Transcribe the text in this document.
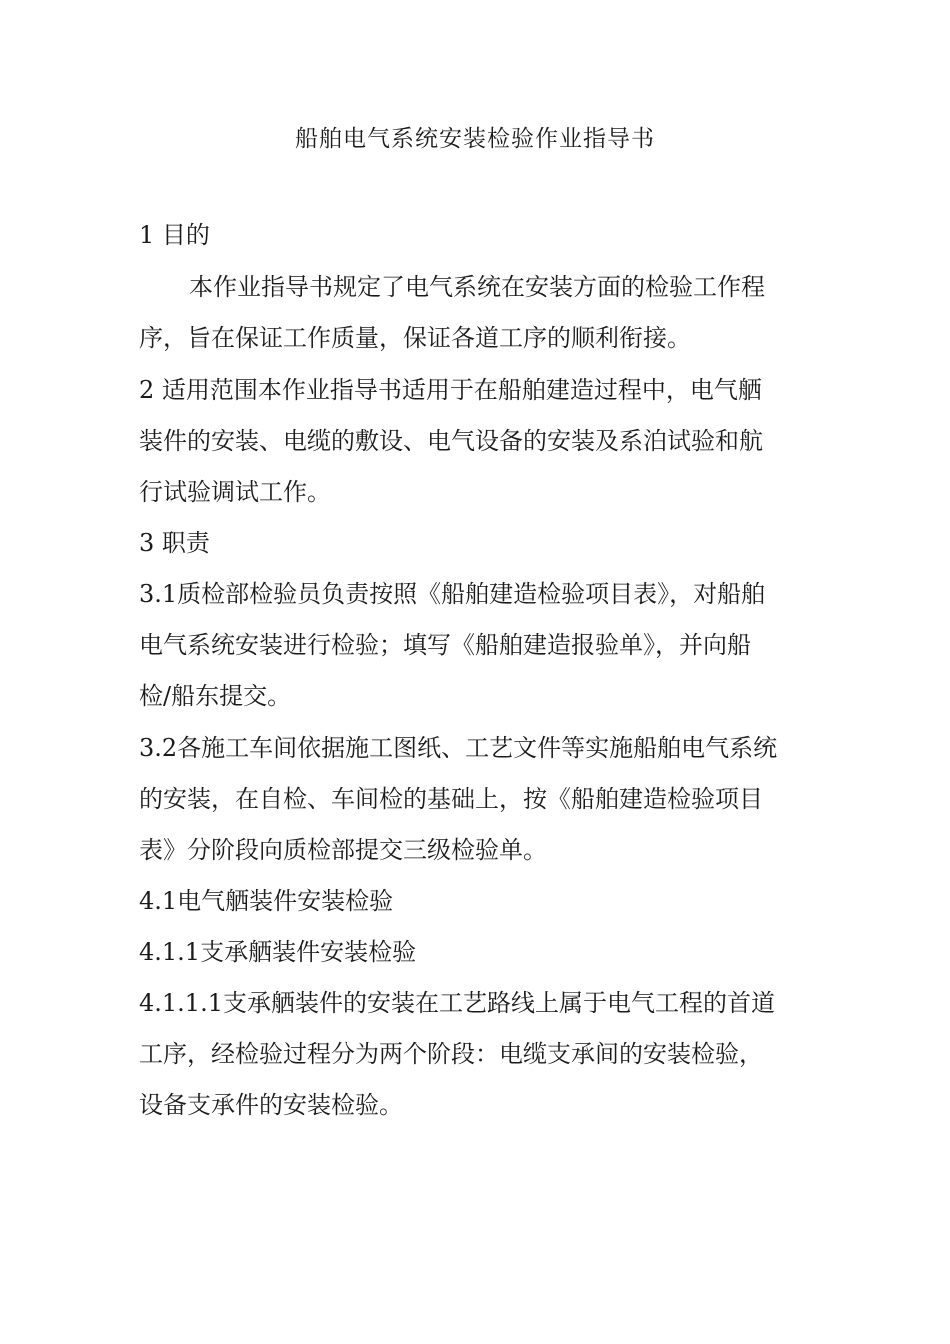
船舶电气系统安装检验作业指导书

1 目的

本作业指导书规定了电气系统在安装方面的检验工作程

序，旨在保证工作质量，保证各道工序的顺利衔接。

2 适用范围本作业指导书适用于在船舶建造过程中，电气舾

装件的安装、电缆的敷设、电气设备的安装及系泊试验和航

行试验调试工作。

3 职责

3.1质检部检验员负责按照《船舶建造检验项目表》，对船舶

电气系统安装进行检验；填写《船舶建造报验单》，并向船

检/船东提交。

3.2各施工车间依据施工图纸、工艺文件等实施船舶电气系统

的安装，在自检、车间检的基础上，按《船舶建造检验项目

表》分阶段向质检部提交三级检验单。

4.1电气舾装件安装检验

4.1.1支承舾装件安装检验

4.1.1.1支承舾装件的安装在工艺路线上属于电气工程的首道

工序，经检验过程分为两个阶段：电缆支承间的安装检验，

设备支承件的安装检验。
